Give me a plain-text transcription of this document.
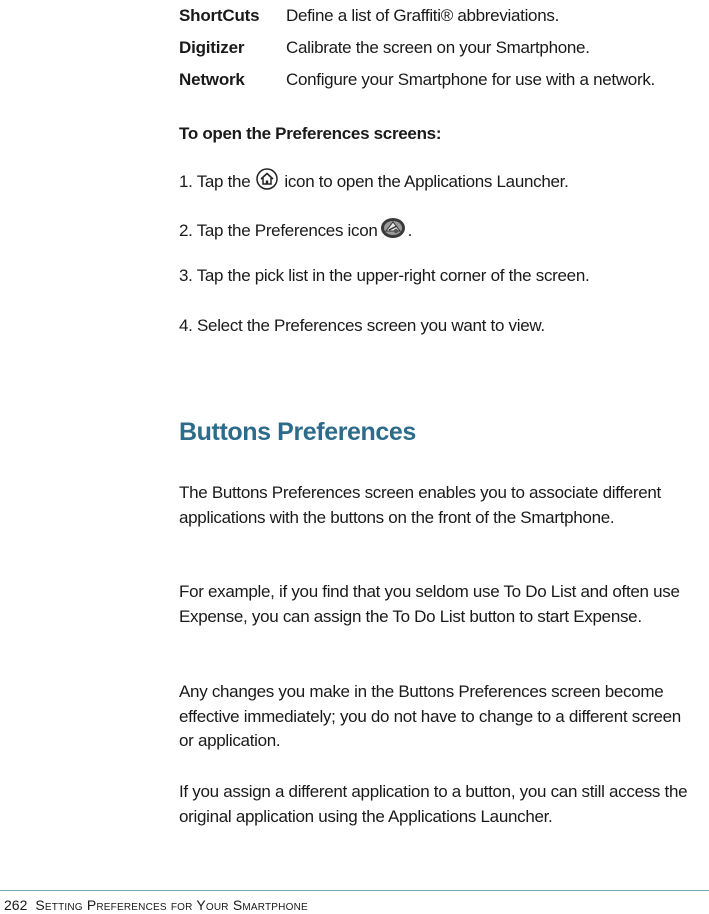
ShortCuts	Define a list of Graffiti® abbreviations.
Digitizer	Calibrate the screen on your Smartphone.
Network	Configure your Smartphone for use with a network.
To open the Preferences screens:
1. Tap the icon to open the Applications Launcher.
2. Tap the Preferences icon .
3. Tap the pick list in the upper-right corner of the screen.
4. Select the Preferences screen you want to view.
Buttons Preferences
The Buttons Preferences screen enables you to associate different applications with the buttons on the front of the Smartphone.
For example, if you find that you seldom use To Do List and often use Expense, you can assign the To Do List button to start Expense.
Any changes you make in the Buttons Preferences screen become effective immediately; you do not have to change to a different screen or application.
If you assign a different application to a button, you can still access the original application using the Applications Launcher.
262 Setting Preferences for Your Smartphone
